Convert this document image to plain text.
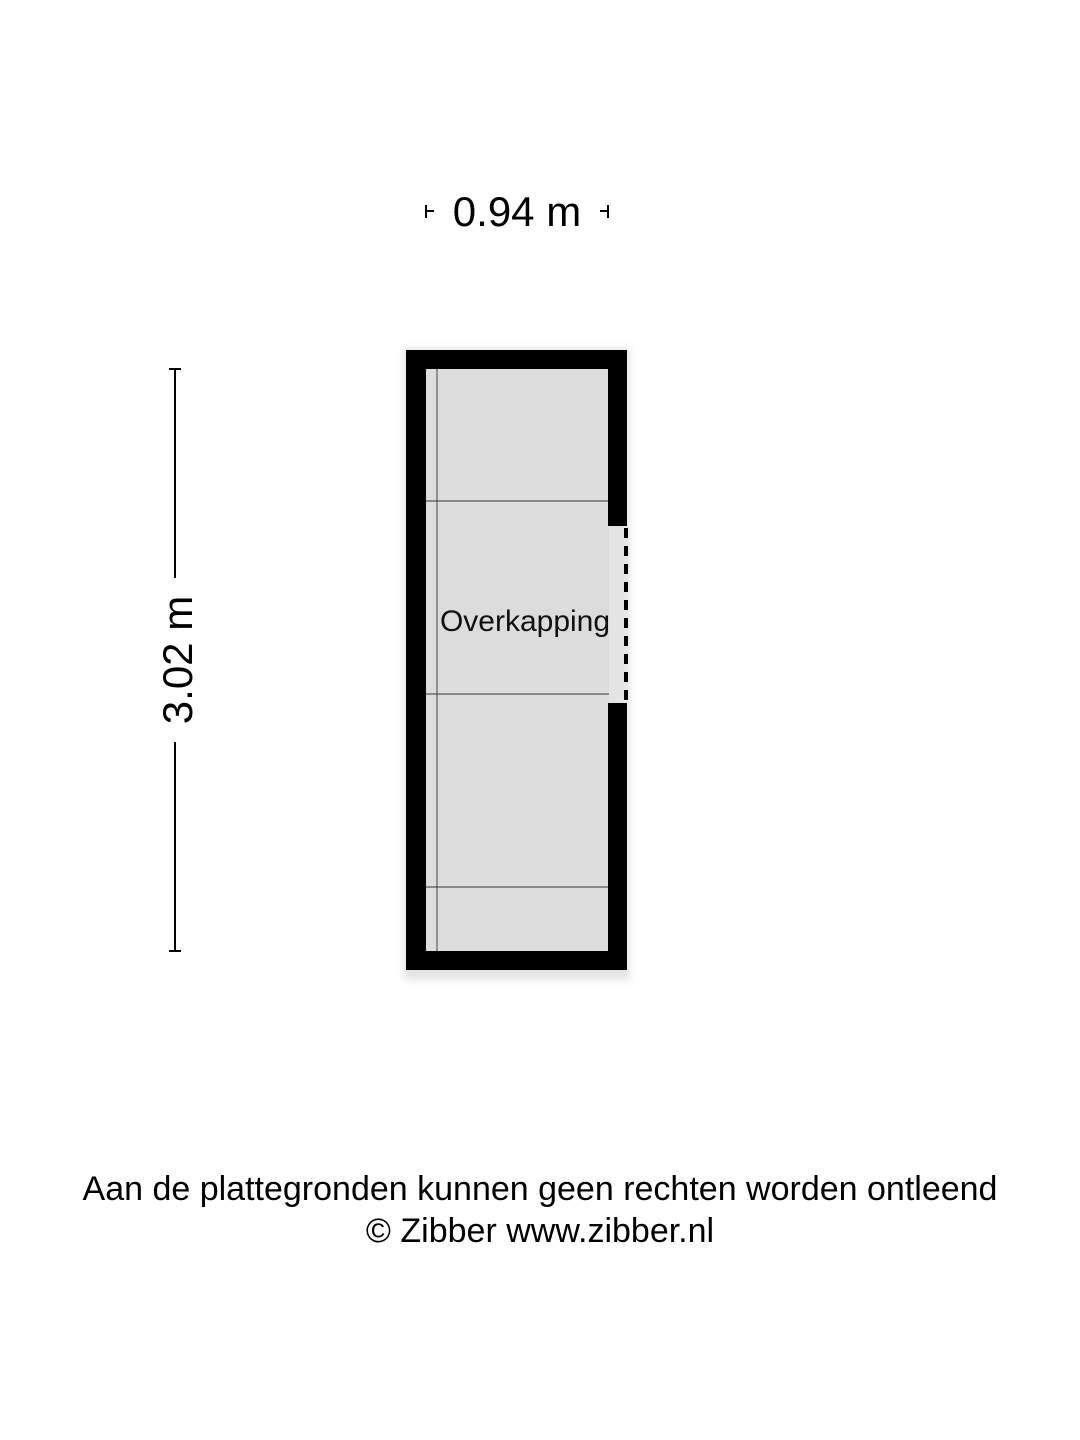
0.94 m
3.02 m	Overkapping
Aan de plattegronden kunnen geen rechten worden ontleend
© Zibber www.zibber.nl
